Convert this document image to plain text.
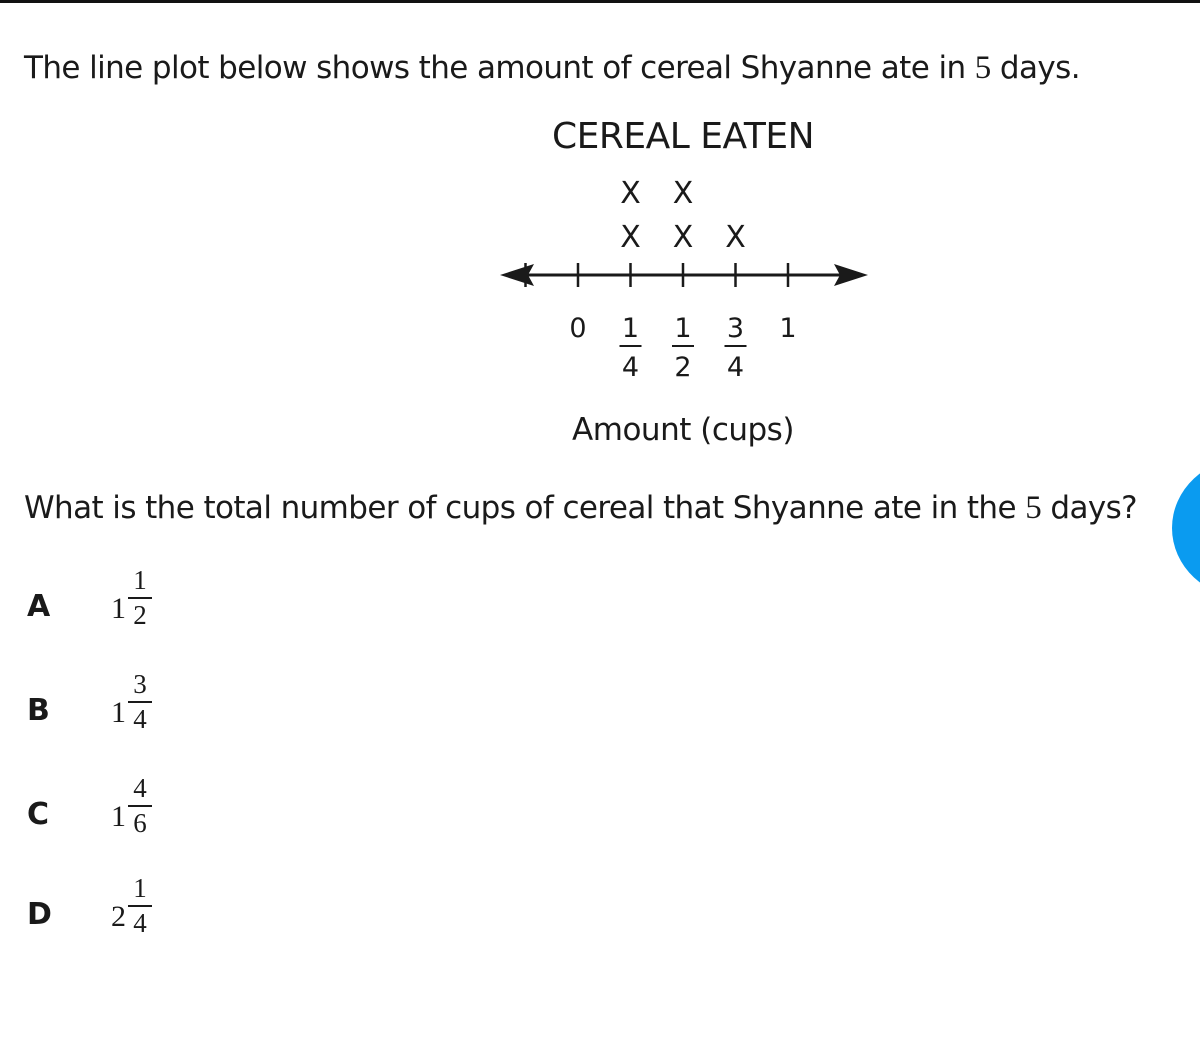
The line plot below shows the amount of cereal Shyanne ate in 5 days.
CEREAL EATEN
X
X
X
X
X
0 1
4
1
2
3
4
1
Amount (cups)
What is the total number of cups of cereal that Shyanne ate in the 5 days?
A 1
1
2
B 1
3
4
C 1
4
6
D 2
1
4
